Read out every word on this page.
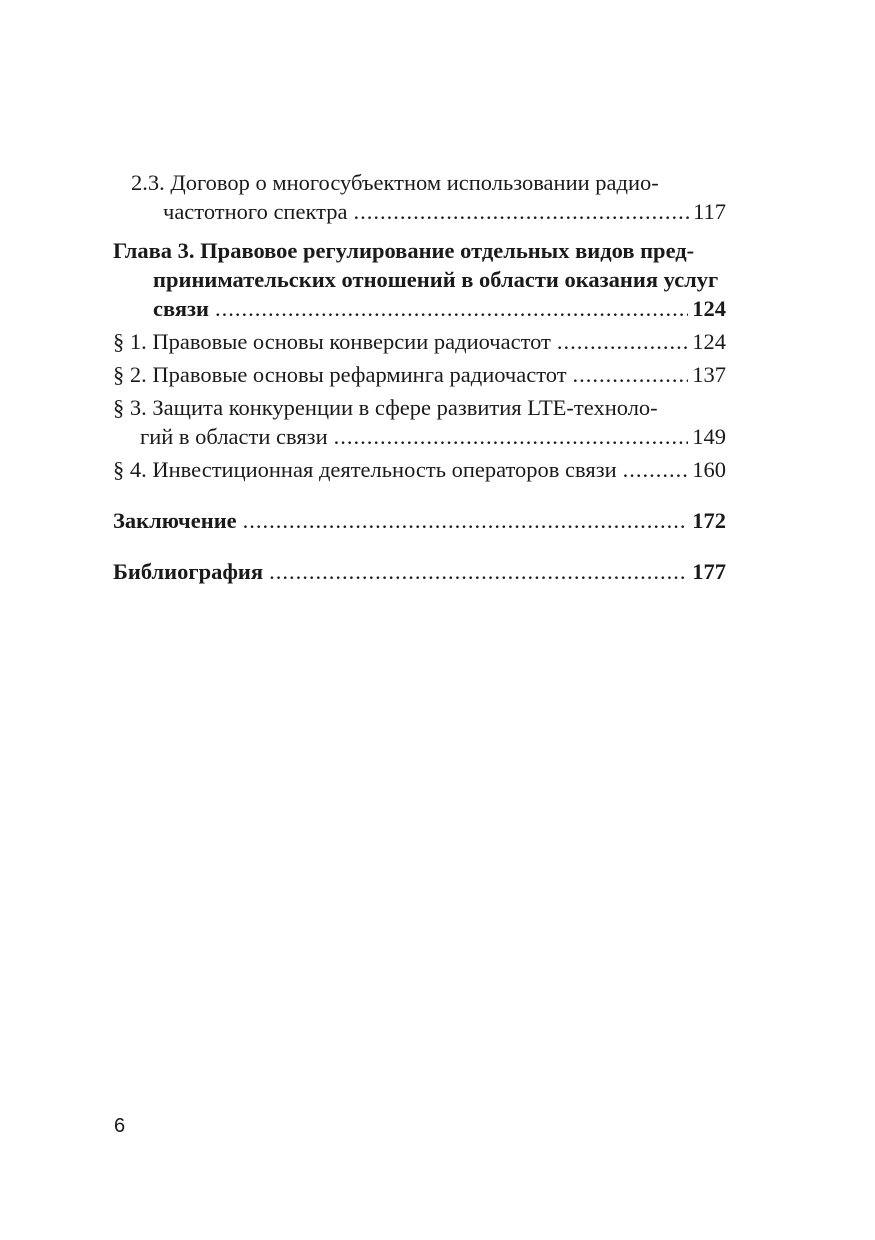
2.3. Договор о многосубъектном использовании радио-
частотного спектра .....	117
Глава 3. Правовое регулирование отдельных видов пред-
принимательских отношений в области оказания услуг
связи .....	124
§ 1. Правовые основы конверсии радиочастот .....	124
§ 2. Правовые основы рефарминга радиочастот .....	137
§ 3. Защита конкуренции в сфере развития LTE-техноло-
гий в области связи .....	149
§ 4. Инвестиционная деятельность операторов связи .....	160
Заключение .....	172
Библиография .....	177
6
